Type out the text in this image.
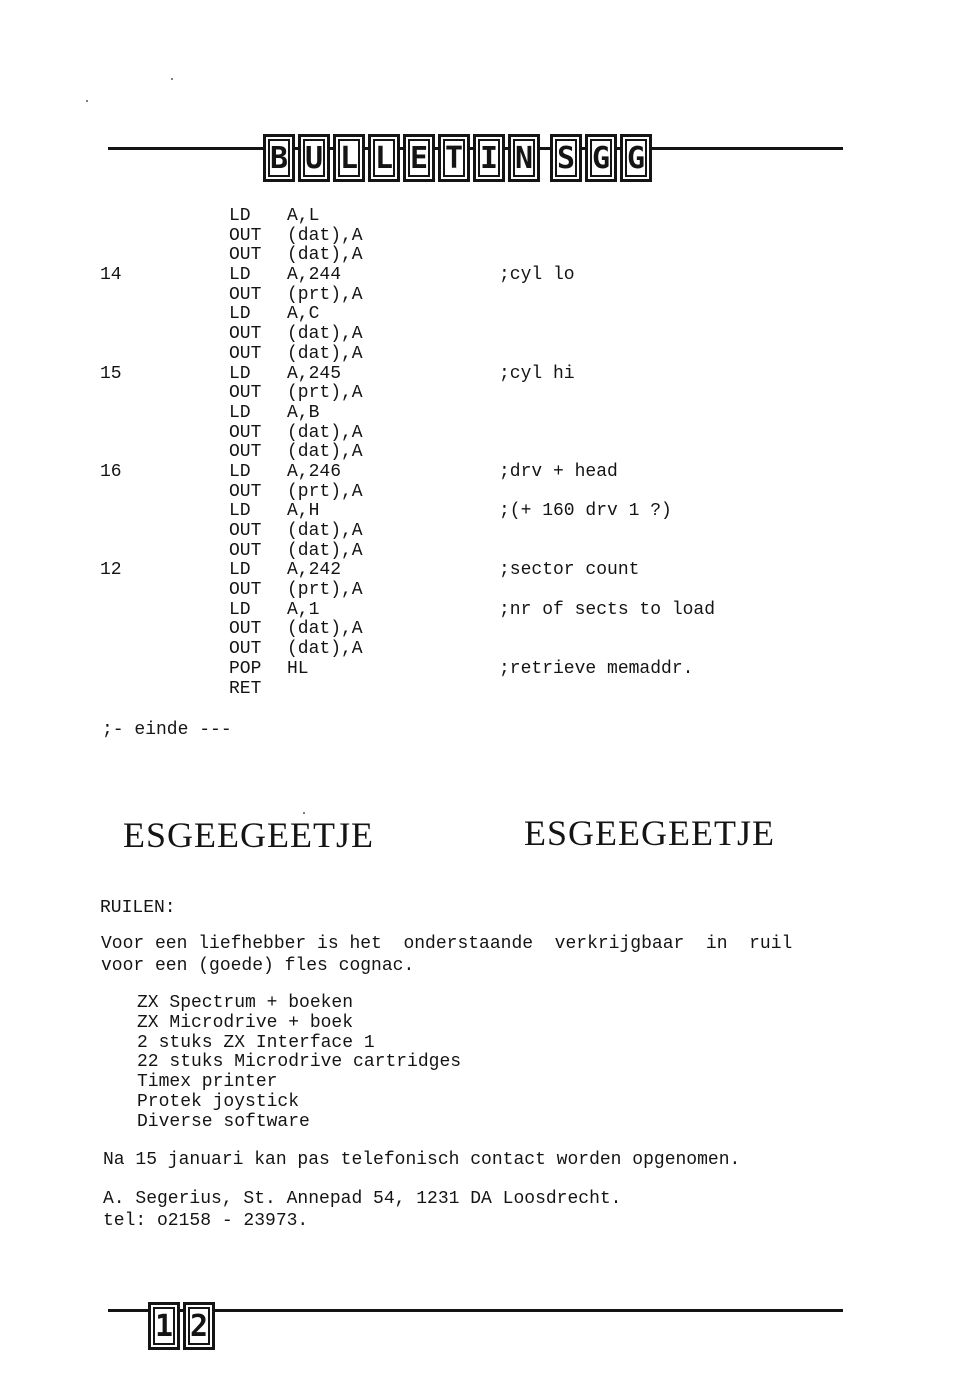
B U L L E T I N S G G
LD	A,L
OUT	(dat),A
OUT	(dat),A
14	LD	A,244	;cyl lo
OUT	(prt),A
LD	A,C
OUT	(dat),A
OUT	(dat),A
15	LD	A,245	;cyl hi
OUT	(prt),A
LD	A,B
OUT	(dat),A
OUT	(dat),A
16	LD	A,246	;drv + head
OUT	(prt),A
LD	A,H	;(+ 160 drv 1 ?)
OUT	(dat),A
OUT	(dat),A
12	LD	A,242	;sector count
OUT	(prt),A
LD	A,1	;nr of sects to load
OUT	(dat),A
OUT	(dat),A
POP	HL	;retrieve memaddr.
RET
;- einde ---
ESGEEGEETJE	ESGEEGEETJE
RUILEN:
Voor een liefhebber is het  onderstaande  verkrijgbaar  in  ruil
voor een (goede) fles cognac.
ZX Spectrum + boeken
ZX Microdrive + boek
2 stuks ZX Interface 1
22 stuks Microdrive cartridges
Timex printer
Protek joystick
Diverse software
Na 15 januari kan pas telefonisch contact worden opgenomen.
A. Segerius, St. Annepad 54, 1231 DA Loosdrecht.
tel: o2158 - 23973.
1 2
